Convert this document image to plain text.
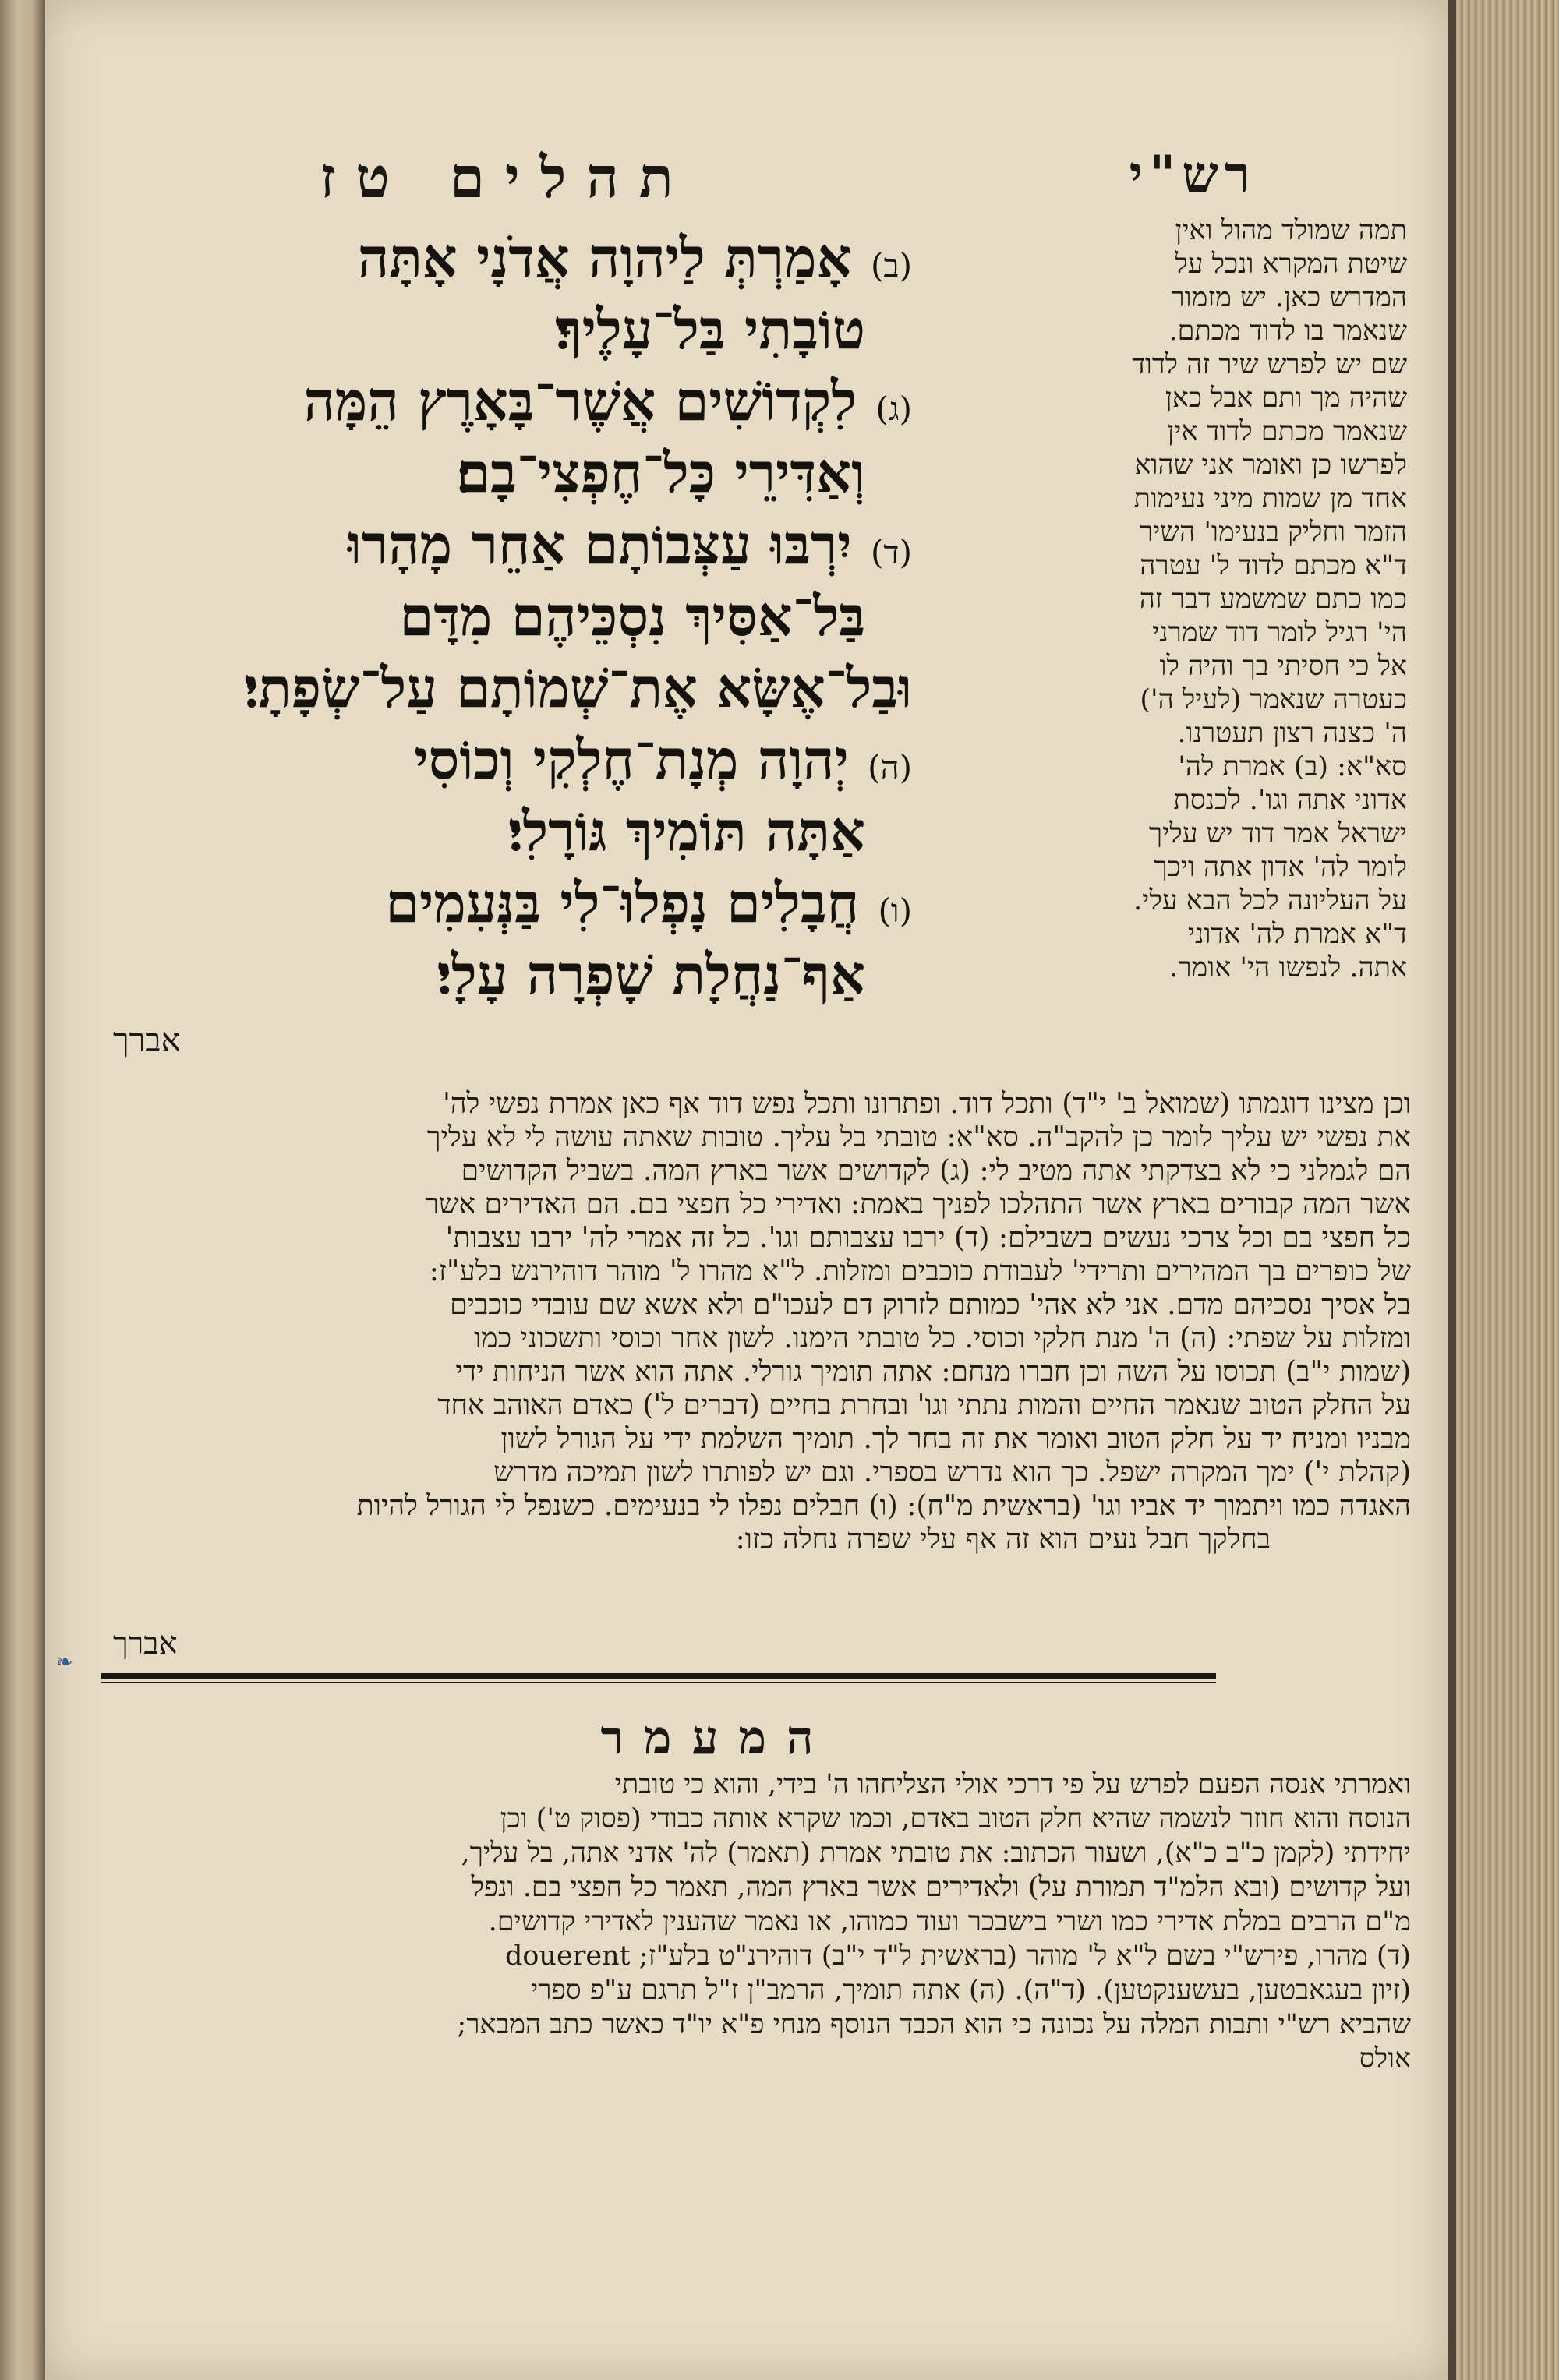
תהלים טז	רש"י
(ב) אָמַרְתְּ לַיהוָה אֲדֹנָי אָתָּה
טוֹבָתִי בַּל־עָלֶיךָ׃
(ג) לִקְדוֹשִׁים אֲשֶׁר־בָּאָרֶץ הֵמָּה
וְאַדִּירֵי כָּל־חֶפְצִי־בָם׃
(ד) יִרְבּוּ עַצְּבוֹתָם אַחֵר מָהָרוּ
בַּל־אַסִּיךְ נִסְכֵּיהֶם מִדָּם
וּבַל־אֶשָּׂא אֶת־שְׁמוֹתָם עַל־שְׂפָתָי׃
(ה) יְהוָה מְנָת־חֶלְקִי וְכוֹסִי
אַתָּה תּוֹמִיךְ גּוֹרָלִי׃
(ו) חֲבָלִים נָפְלוּ־לִי בַּנְּעִמִים
אַף־נַחֲלָת שָׁפְרָה עָלָי׃
אברך
תמה שמולד מהול ואין
שיטת המקרא ונכל על
המדרש כאן. יש מזמור
שנאמר בו לדוד מכתם.
שם יש לפרש שיר זה לדוד
שהיה מך ותם אבל כאן
שנאמר מכתם לדוד אין
לפרשו כן ואומר אני שהוא
אחד מן שמות מיני נעימות
הזמר וחליק בנעימו' השיר
ד"א מכתם לדוד ל' עטרה
כמו כתם שמשמע דבר זה
הי' רגיל לומר דוד שמרני
אל כי חסיתי בך והיה לו
כעטרה שנאמר (לעיל ה')
ה' כצנה רצון תעטרנו.
סא"א: (ב) אמרת לה'
אדוני אתה וגו'. לכנסת
ישראל אמר דוד יש עליך
לומר לה' אדון אתה ויכך
על העליונה לכל הבא עלי.
ד"א אמרת לה' אדוני
אתה. לנפשו הי' אומר.
וכן מצינו דוגמתו (שמואל ב' י"ד) ותכל דוד. ופתרונו ותכל נפש דוד אף כאן אמרת נפשי לה'
את נפשי יש עליך לומר כן להקב"ה. סא"א: טובתי בל עליך. טובות שאתה עושה לי לא עליך
הם לגמלני כי לא בצדקתי אתה מטיב לי: (ג) לקדושים אשר בארץ המה. בשביל הקדושים
אשר המה קבורים בארץ אשר התהלכו לפניך באמת: ואדירי כל חפצי בם. הם האדירים אשר
כל חפצי בם וכל צרכי נעשים בשבילם: (ד) ירבו עצבותם וגו'. כל זה אמרי לה' ירבו עצבות'
של כופרים בך המהירים ותרידי' לעבודת כוכבים ומזלות. ל"א מהרו ל' מוהר דוהירנש בלע"ז:
בל אסיך נסכיהם מדם. אני לא אהי' כמותם לזרוק דם לעכו"ם ולא אשא שם עובדי כוכבים
ומזלות על שפתי: (ה) ה' מנת חלקי וכוסי. כל טובתי הימנו. לשון אחר וכוסי ותשכוני כמו
(שמות י"ב) תכוסו על השה וכן חברו מנחם: אתה תומיך גורלי. אתה הוא אשר הניחות ידי
על החלק הטוב שנאמר החיים והמות נתתי וגו' ובחרת בחיים (דברים ל') כאדם האוהב אחד
מבניו ומניח יד על חלק הטוב ואומר את זה בחר לך. תומיך השלמת ידי על הגורל לשון
(קהלת י') ימך המקרה ישפל. כך הוא נדרש בספרי. וגם יש לפותרו לשון תמיכה מדרש
האגדה כמו ויתמוך יד אביו וגו' (בראשית מ"ח): (ו) חבלים נפלו לי בנעימים. כשנפל לי הגורל להיות
בחלקך חבל נעים הוא זה אף עלי שפרה נחלה כזו:
אברך
❧
המעמר
ואמרתי אנסה הפעם לפרש על פי דרכי אולי הצליחהו ה' בידי, והוא כי טובתי
הנוסח והוא חוזר לנשמה שהיא חלק הטוב באדם, וכמו שקרא אותה כבודי (פסוק ט') וכן
יחידתי (לקמן כ"ב כ"א), ושעור הכתוב: את טובתי אמרת (תאמר) לה' אדני אתה, בל עליך,
ועל קדושים (ובא הלמ"ד תמורת על) ולאדירים אשר בארץ המה, תאמר כל חפצי בם. ונפל
מ"ם הרבים במלת אדירי כמו ושרי בישבכר ועוד כמוהו, או נאמר שהענין לאדירי קדושים.
(ד) מהרו, פירש"י בשם ל"א ל' מוהר (בראשית ל"ד י"ב) דוהירנ"ט בלע"ז; douerent
(זיון בעגאבטען, בעשענקטען). (ד"ה). (ה) אתה תומיך, הרמב"ן ז"ל תרגם ע"פ ספרי
שהביא רש"י ותבות המלה על נכונה כי הוא הכבד הנוסף מנחי פ"א יו"ד כאשר כתב המבאר;
אולס
